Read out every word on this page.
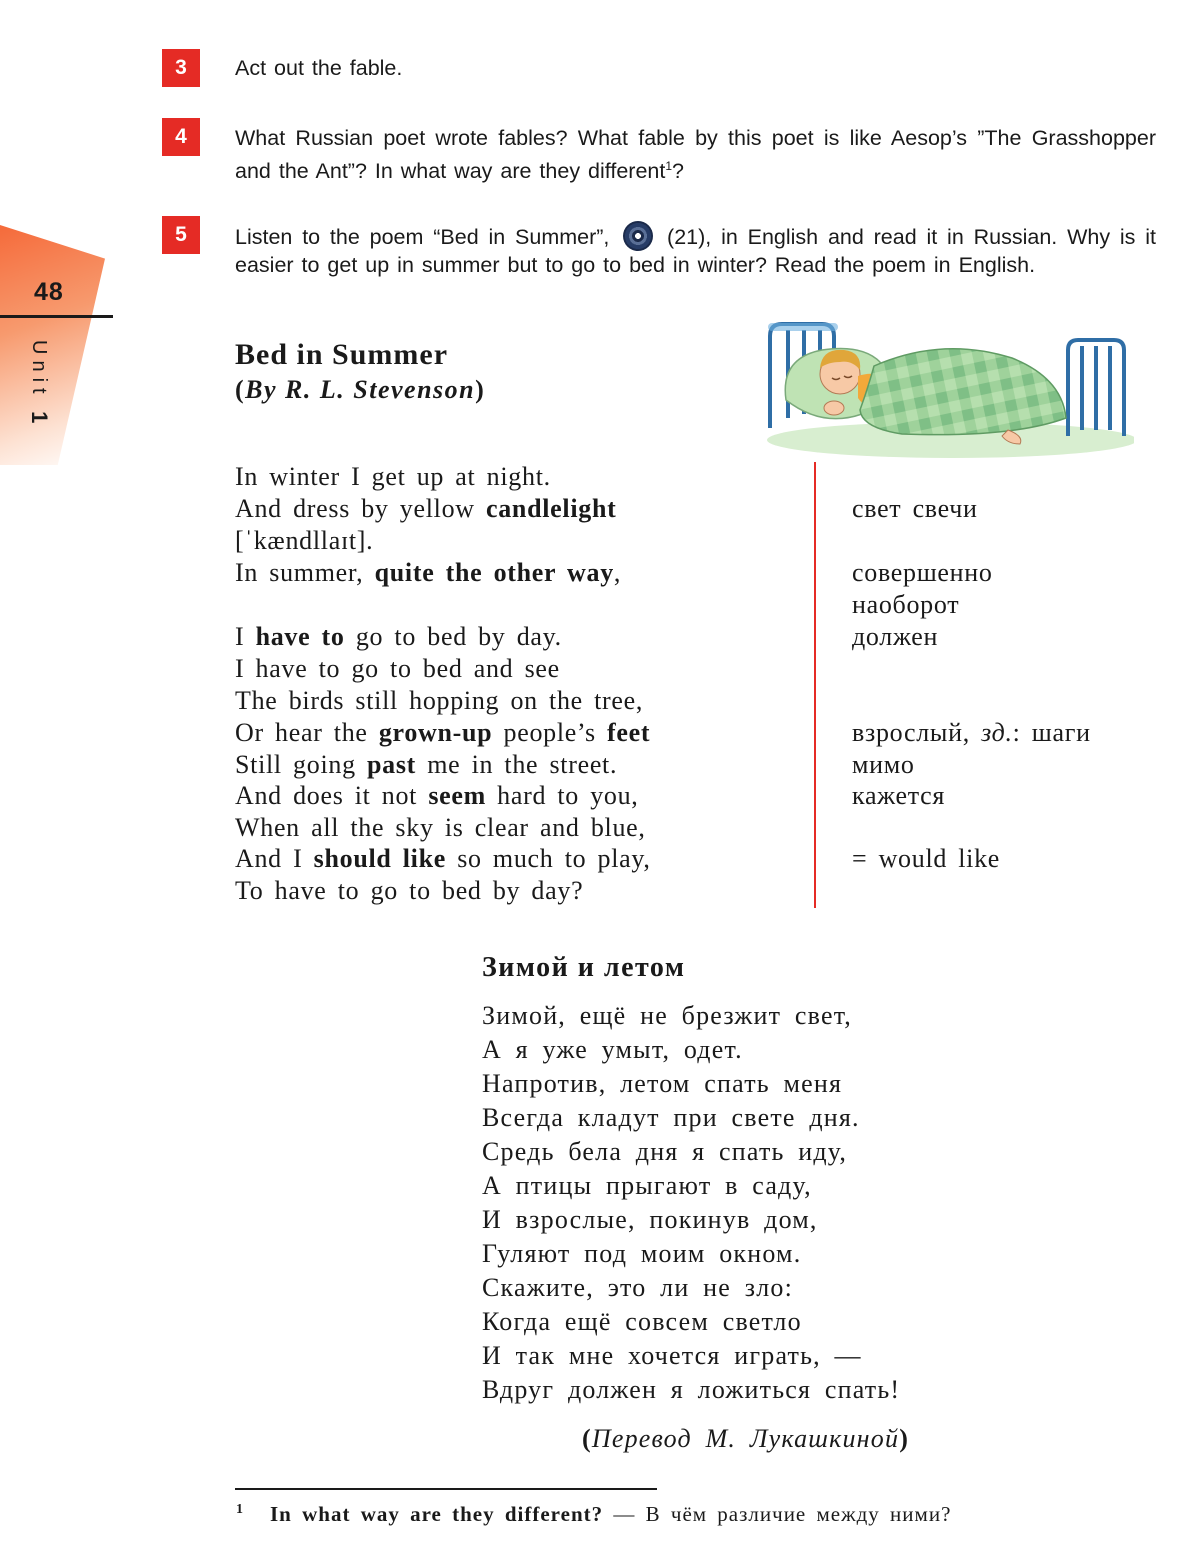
48
Unit 1
3	Act out the fable.
4	What Russian poet wrote fables? What fable by this poet is like Aesop’s ”The Grasshopper and the Ant”? In what way are they different$^1$?
5	Listen to the poem “Bed in Summer”,	(21), in English and read it in Russian. Why is it easier to get up in summer but to go to bed in winter? Read the poem in English.
Bed in Summer
(By R. L. Stevenson)
In winter I get up at night.
And dress by yellow candlelight
[ˈkændllaɪt].
In summer, quite the other way,
I have to go to bed by day.
I have to go to bed and see
The birds still hopping on the tree,
Or hear the grown-up people’s feet
Still going past me in the street.
And does it not seem hard to you,
When all the sky is clear and blue,
And I should like so much to play,
To have to go to bed by day?
свет свечи
совершенно
наоборот
должен
взрослый, зд.: шаги
мимо
кажется
= would like
Зимой и летом
Зимой, ещё не брезжит свет,
А я уже умыт, одет.
Напротив, летом спать меня
Всегда кладут при свете дня.
Средь бела дня я спать иду,
А птицы прыгают в саду,
И взрослые, покинув дом,
Гуляют под моим окном.
Скажите, это ли не зло:
Когда ещё совсем светло
И так мне хочется играть, —
Вдруг должен я ложиться спать!
(Перевод М. Лукашкиной)
1 In what way are they different? — В чём различие между ними?
